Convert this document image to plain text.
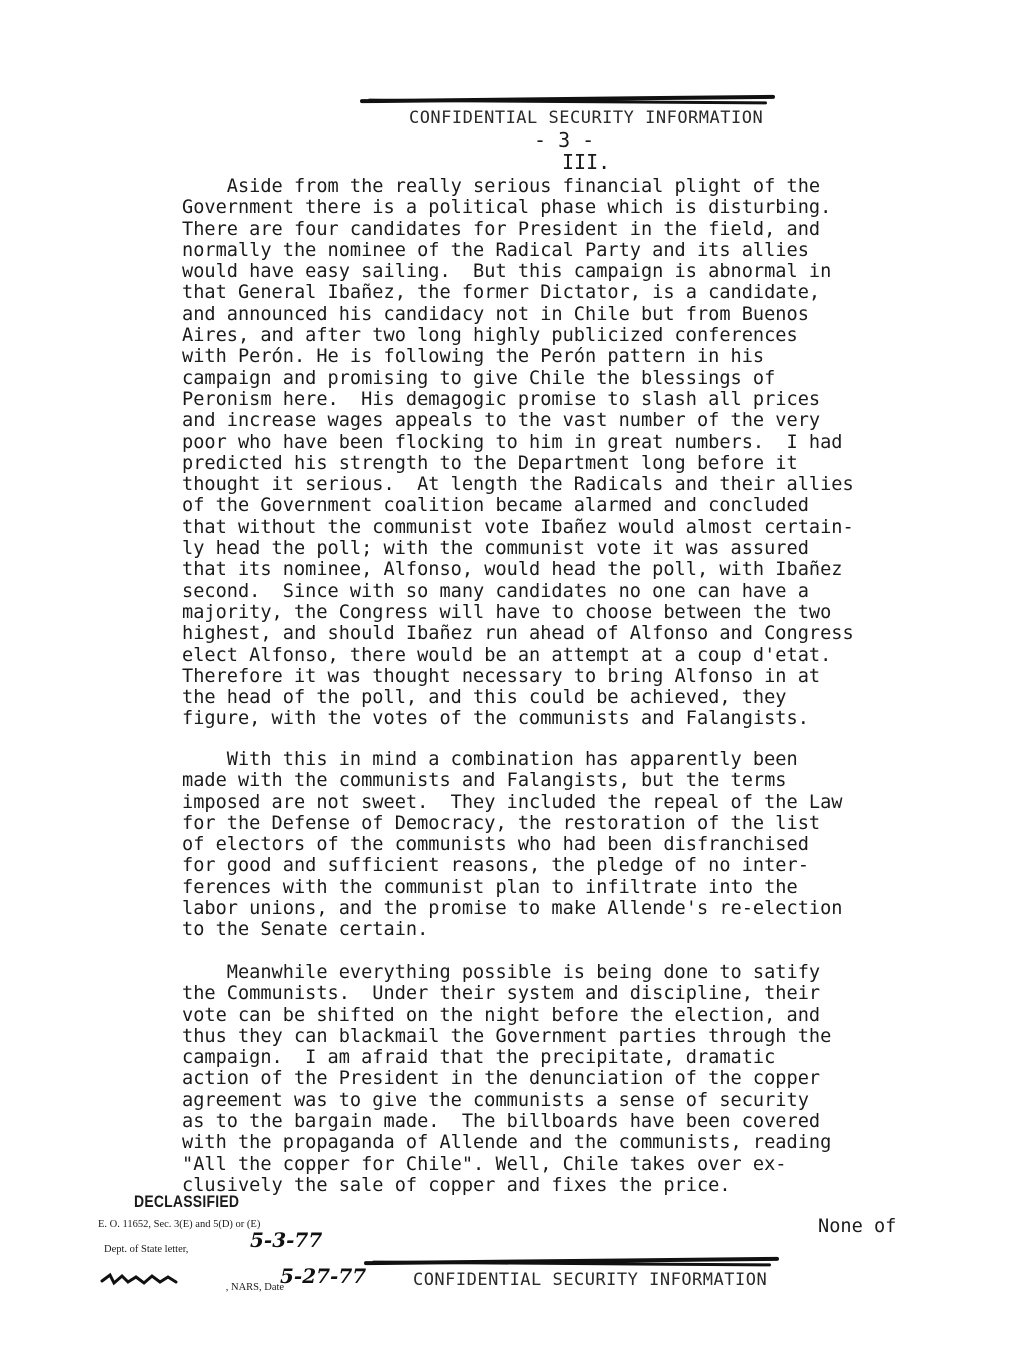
CONFIDENTIAL SECURITY INFORMATION

- 3 -
III.
Aside from the really serious financial plight of the
Government there is a political phase which is disturbing.
There are four candidates for President in the field, and
normally the nominee of the Radical Party and its allies
would have easy sailing.  But this campaign is abnormal in
that General Ibañez, the former Dictator, is a candidate,
and announced his candidacy not in Chile but from Buenos
Aires, and after two long highly publicized conferences
with Perón. He is following the Perón pattern in his
campaign and promising to give Chile the blessings of
Peronism here.  His demagogic promise to slash all prices
and increase wages appeals to the vast number of the very
poor who have been flocking to him in great numbers.  I had
predicted his strength to the Department long before it
thought it serious.  At length the Radicals and their allies
of the Government coalition became alarmed and concluded
that without the communist vote Ibañez would almost certain-
ly head the poll; with the communist vote it was assured
that its nominee, Alfonso, would head the poll, with Ibañez
second.  Since with so many candidates no one can have a
majority, the Congress will have to choose between the two
highest, and should Ibañez run ahead of Alfonso and Congress
elect Alfonso, there would be an attempt at a coup d'etat.
Therefore it was thought necessary to bring Alfonso in at
the head of the poll, and this could be achieved, they
figure, with the votes of the communists and Falangists.
With this in mind a combination has apparently been
made with the communists and Falangists, but the terms
imposed are not sweet.  They included the repeal of the Law
for the Defense of Democracy, the restoration of the list
of electors of the communists who had been disfranchised
for good and sufficient reasons, the pledge of no inter-
ferences with the communist plan to infiltrate into the
labor unions, and the promise to make Allende's re-election
to the Senate certain.
Meanwhile everything possible is being done to satify
the Communists.  Under their system and discipline, their
vote can be shifted on the night before the election, and
thus they can blackmail the Government parties through the
campaign.  I am afraid that the precipitate, dramatic
action of the President in the denunciation of the copper
agreement was to give the communists a sense of security
as to the bargain made.  The billboards have been covered
with the propaganda of Allende and the communists, reading
"All the copper for Chile". Well, Chile takes over ex-
clusively the sale of copper and fixes the price.
None of

CONFIDENTIAL SECURITY INFORMATION

DECLASSIFIED
E. O. 11652, Sec. 3(E) and 5(D) or (E)
Dept. of State letter,

, NARS, Date

5-3-77
5-27-77
